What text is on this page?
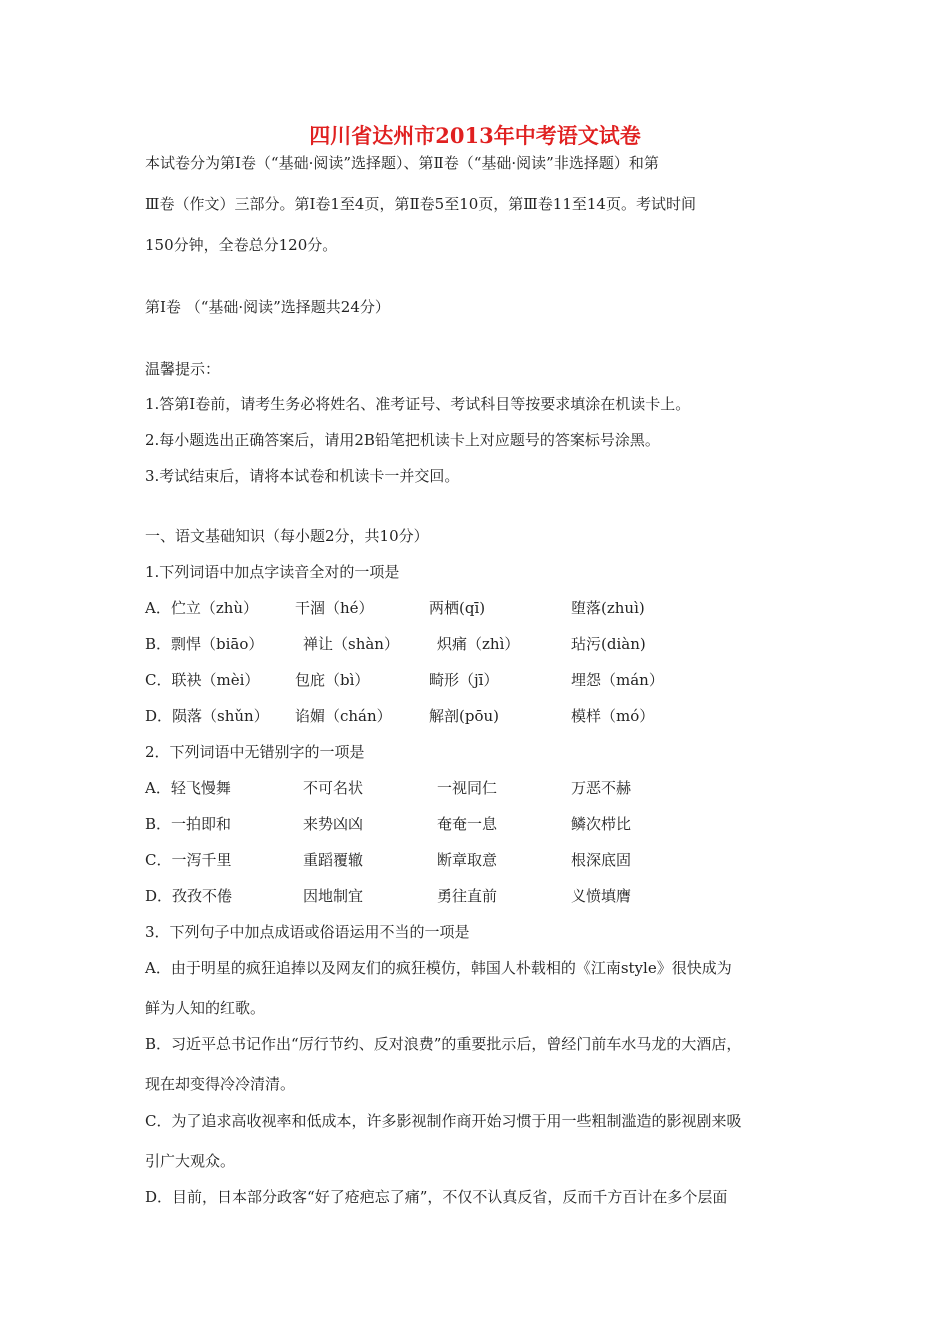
四川省达州市2013年中考语文试卷
本试卷分为第Ⅰ卷（“基础·阅读”选择题）、第Ⅱ卷（“基础·阅读”非选择题）和第
Ⅲ卷（作文）三部分。第Ⅰ卷1至4页，第Ⅱ卷5至10页，第Ⅲ卷11至14页。考试时间
150分钟，全卷总分120分。
第Ⅰ卷 （“基础·阅读”选择题共24分）
温馨提示：
1.答第Ⅰ卷前，请考生务必将姓名、准考证号、考试科目等按要求填涂在机读卡上。
2.每小题选出正确答案后，请用2B铅笔把机读卡上对应题号的答案标号涂黑。
3.考试结束后，请将本试卷和机读卡一并交回。
一、语文基础知识（每小题2分，共10分）
1.下列词语中加点字读音全对的一项是
A．伫立（zhù） 干涸（hé）	两栖(qī)	堕落(zhuì)
B．剽悍（biāo）	禅让（shàn）	炽痛（zhì）	玷污(diàn)
C．联袂（mèi） 包庇（bì）	畸形（jī）	埋怨（mán）
D．陨落（shǔn） 谄媚（chán） 解剖(pōu)	模样（mó）
2．下列词语中无错别字的一项是
A．轻飞慢舞	不可名状	一视同仁	万恶不赫
B．一拍即和	来势凶凶	奄奄一息	鳞次栉比
C．一泻千里	重蹈覆辙	断章取意	根深底固
D．孜孜不倦	因地制宜	勇往直前	义愤填膺
3．下列句子中加点成语或俗语运用不当的一项是
A．由于明星的疯狂追捧以及网友们的疯狂模仿，韩国人朴载相的《江南style》很快成为
鲜为人知的红歌。
B．习近平总书记作出“厉行节约、反对浪费”的重要批示后，曾经门前车水马龙的大酒店，
现在却变得冷冷清清。
C．为了追求高收视率和低成本，许多影视制作商开始习惯于用一些粗制滥造的影视剧来吸
引广大观众。
D．目前，日本部分政客“好了疮疤忘了痛”，不仅不认真反省，反而千方百计在多个层面
